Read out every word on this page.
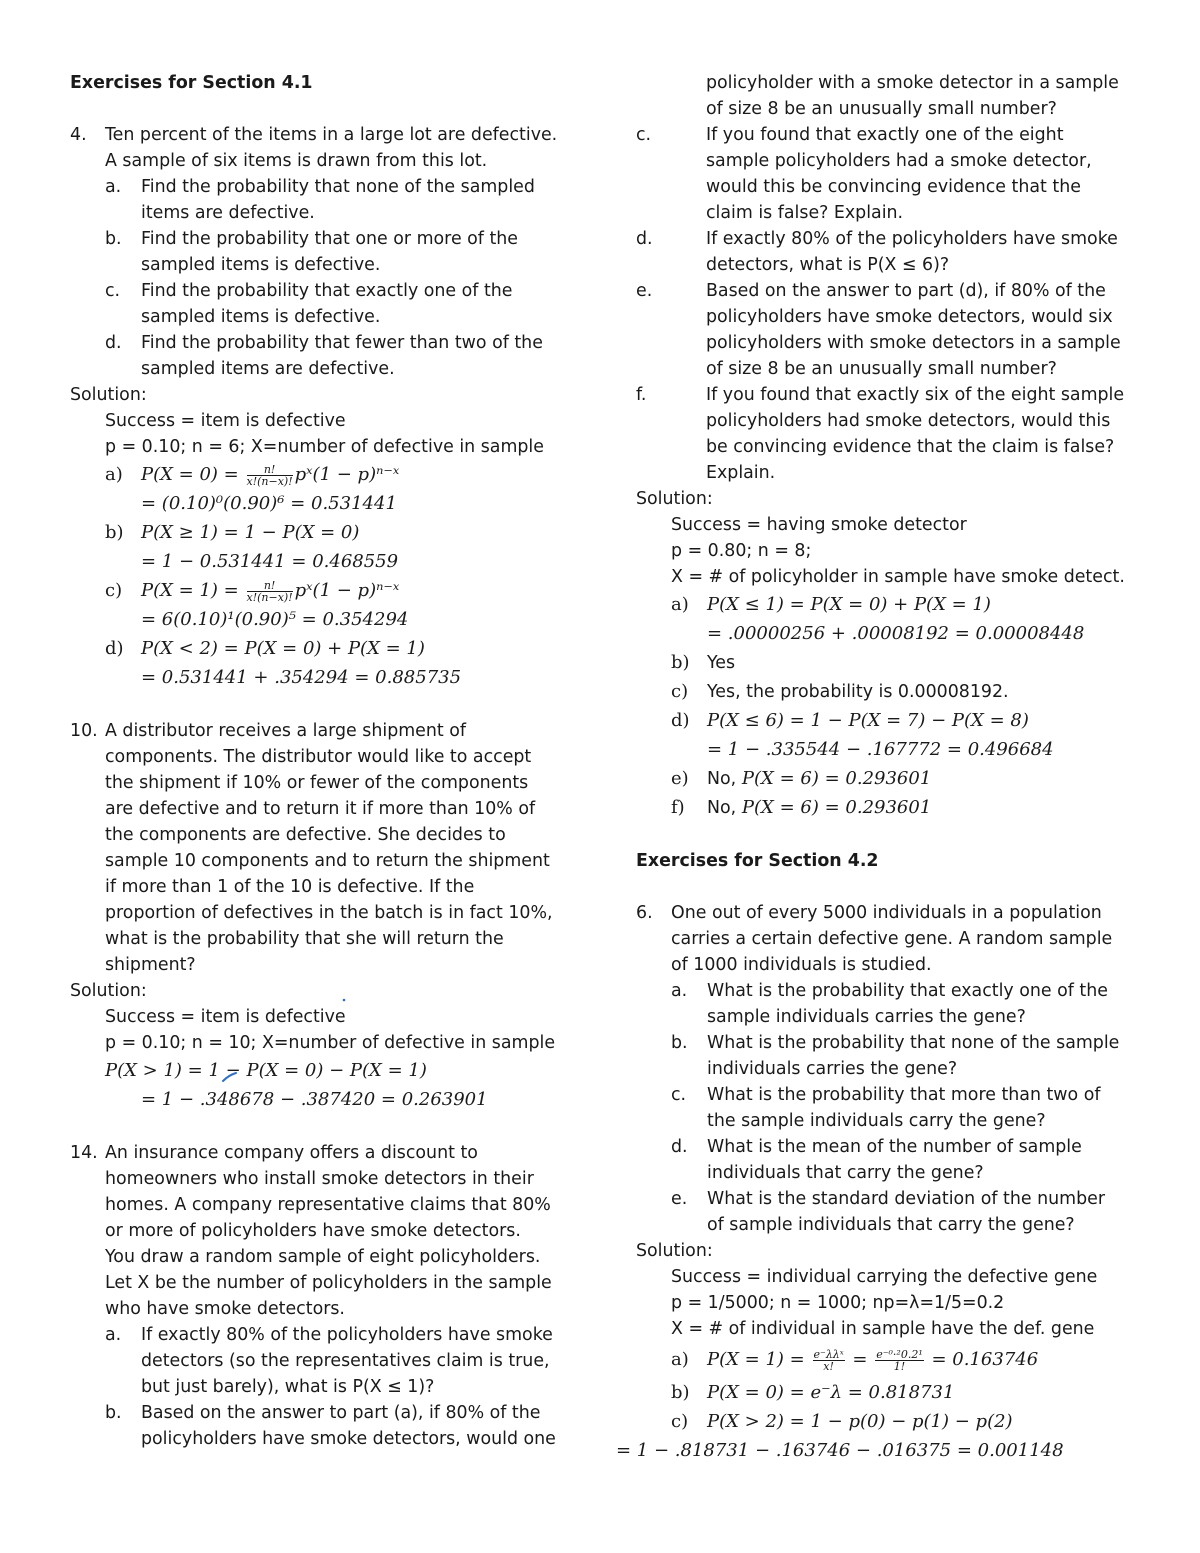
Exercises for Section 4.1
4. Ten percent of the items in a large lot are defective.
A sample of six items is drawn from this lot.
a. Find the probability that none of the sampled
items are defective.
b. Find the probability that one or more of the
sampled items is defective.
c. Find the probability that exactly one of the
sampled items is defective.
d. Find the probability that fewer than two of the
sampled items are defective.
Solution:
Success = item is defective
p = 0.10; n = 6; X=number of defective in sample
a) $P(X = 0) = \frac{n!}{x!(n-x)!}$ pˣ(1 − p)ⁿ⁻ˣ
= (0.10)⁰(0.90)⁶ = 0.531441
b) P(X ≥ 1) = 1 − P(X = 0)
= 1 − 0.531441 = 0.468559
c) $P(X = 1) = \frac{n!}{x!(n-x)!}$ pˣ(1 − p)ⁿ⁻ˣ
= 6(0.10)¹(0.90)⁵ = 0.354294
d) P(X < 2) = P(X = 0) + P(X = 1)
= 0.531441 + .354294 = 0.885735
10. A distributor receives a large shipment of
components. The distributor would like to accept
the shipment if 10% or fewer of the components
are defective and to return it if more than 10% of
the components are defective. She decides to
sample 10 components and to return the shipment
if more than 1 of the 10 is defective. If the
proportion of defectives in the batch is in fact 10%,
what is the probability that she will return the
shipment?
Solution:
Success = item is defective
p = 0.10; n = 10; X=number of defective in sample
P(X > 1) = 1 − P(X = 0) − P(X = 1)
= 1 − .348678 − .387420 = 0.263901
14. An insurance company offers a discount to
homeowners who install smoke detectors in their
homes. A company representative claims that 80%
or more of policyholders have smoke detectors.
You draw a random sample of eight policyholders.
Let X be the number of policyholders in the sample
who have smoke detectors.
a. If exactly 80% of the policyholders have smoke
detectors (so the representatives claim is true,
but just barely), what is P(X ≤ 1)?
b. Based on the answer to part (a), if 80% of the
policyholders have smoke detectors, would one
policyholder with a smoke detector in a sample
of size 8 be an unusually small number?
c.	If you found that exactly one of the eight
sample policyholders had a smoke detector,
would this be convincing evidence that the
claim is false? Explain.
d.	If exactly 80% of the policyholders have smoke
detectors, what is P(X ≤ 6)?
e.	Based on the answer to part (d), if 80% of the
policyholders have smoke detectors, would six
policyholders with smoke detectors in a sample
of size 8 be an unusually small number?
f.	If you found that exactly six of the eight sample
policyholders had smoke detectors, would this
be convincing evidence that the claim is false?
Explain.
Solution:
Success = having smoke detector
p = 0.80; n = 8;
X = # of policyholder in sample have smoke detect.
a) P(X ≤ 1) = P(X = 0) + P(X = 1)
= .00000256 + .00008192 = 0.00008448
b) Yes
c) Yes, the probability is 0.00008192.
d) P(X ≤ 6) = 1 − P(X = 7) − P(X = 8)
= 1 − .335544 − .167772 = 0.496684
e) No, P(X = 6) = 0.293601
f) No, P(X = 6) = 0.293601
Exercises for Section 4.2
6. One out of every 5000 individuals in a population
carries a certain defective gene. A random sample
of 1000 individuals is studied.
a. What is the probability that exactly one of the
sample individuals carries the gene?
b. What is the probability that none of the sample
individuals carries the gene?
c. What is the probability that more than two of
the sample individuals carry the gene?
d. What is the mean of the number of sample
individuals that carry the gene?
e. What is the standard deviation of the number
of sample individuals that carry the gene?
Solution:
Success = individual carrying the defective gene
p = 1/5000; n = 1000; np=λ=1/5=0.2
X = # of individual in sample have the def. gene
a) $P(X = 1) = \frac{\text{e⁻λλˣ}}{x!} = \frac{\text{e⁻⁰·²0.2¹}}{1!} = 0.163746$
b) P(X = 0) = e⁻λ = 0.818731
c) P(X > 2) = 1 − p(0) − p(1) − p(2)
= 1 − .818731 − .163746 − .016375 = 0.001148
